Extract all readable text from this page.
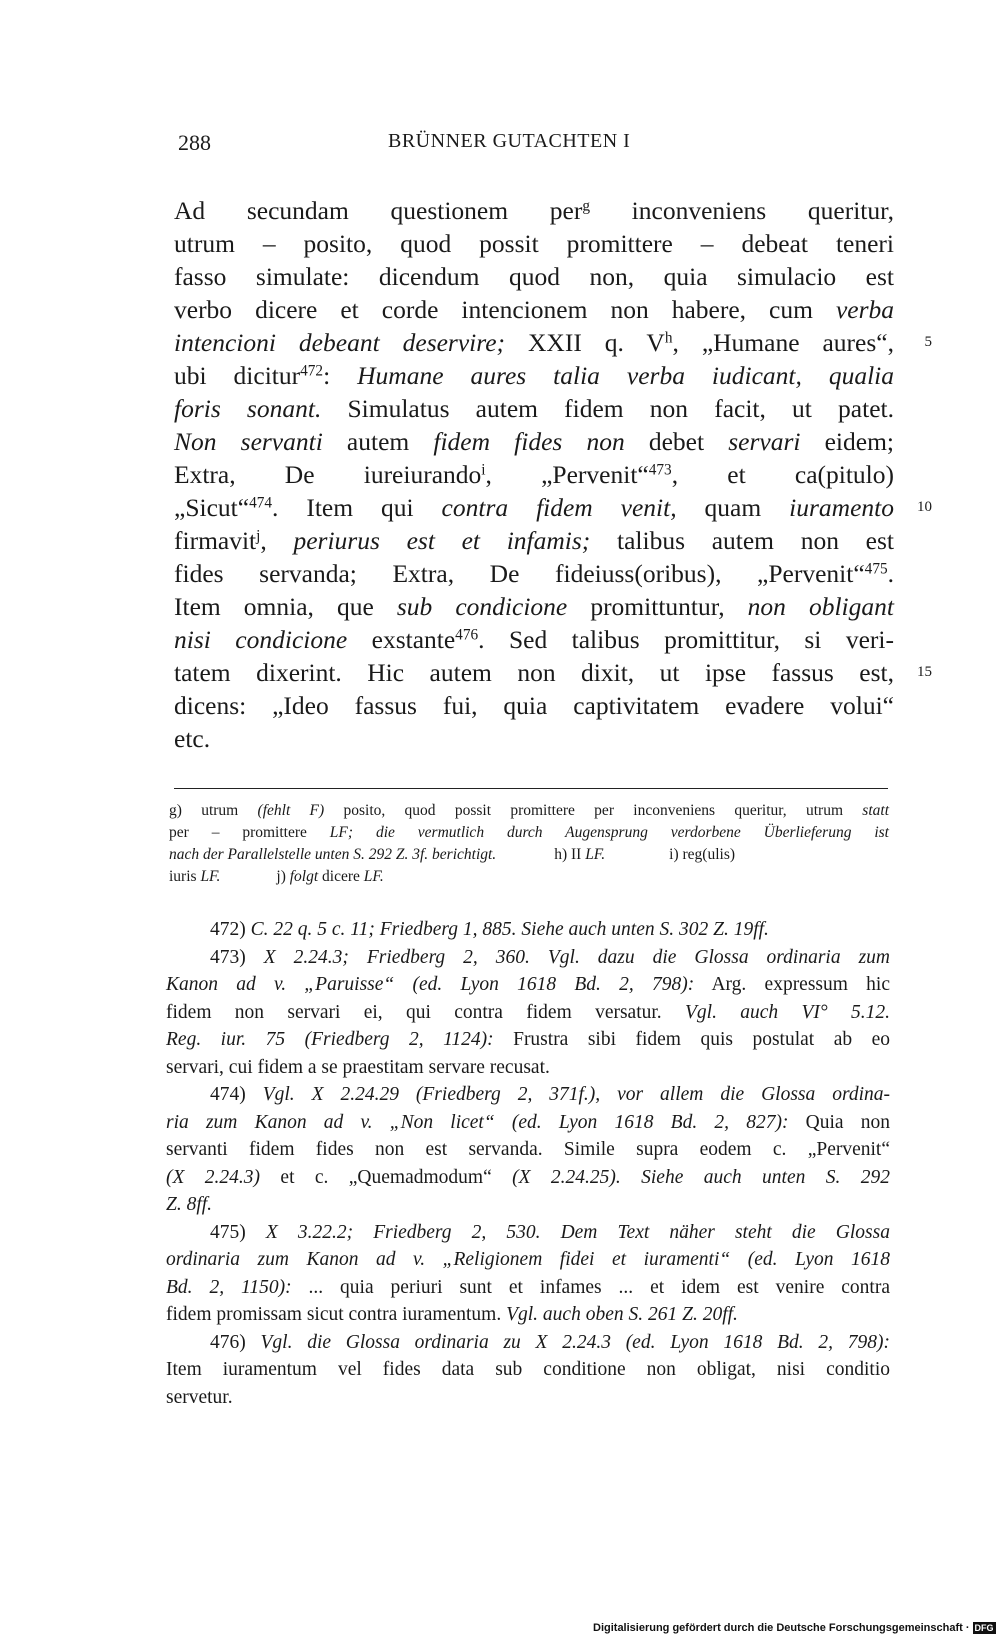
288	BRÜNNER GUTACHTEN I
Ad secundam questionem per$^g$ inconveniens queritur,
utrum – posito, quod possit promittere – debeat teneri
fasso simulate: dicendum quod non, quia simulacio est
verbo dicere et corde intencionem non habere, cum verba
intencioni debeant deservire; XXII q. $V^h$, „Humane aures“, 5
ubi dicitur$^{472}$: Humane aures talia verba iudicant, qualia
foris sonant. Simulatus autem fidem non facit, ut patet.
Non servanti autem fidem fides non debet servari eidem;
Extra, De iureiurando$^i$, „Pervenit“$^{473}$, et ca(pitulo)
„Sicut“$^{474}$. Item qui contra fidem venit, quam iuramento 10
firmavit$^j$, periurus est et infamis; talibus autem non est
fides servanda; Extra, De fideiuss(oribus), „Pervenit“$^{475}$.
Item omnia, que sub condicione promittuntur, non obligant
nisi condicione exstante$^{476}$. Sed talibus promittitur, si veri-
tatem dixerint. Hic autem non dixit, ut ipse fassus est, 15
dicens: „Ideo fassus fui, quia captivitatem evadere volui“
etc.
g) utrum (fehlt F) posito, quod possit promittere per inconveniens queritur, utrum statt
per – promittere LF; die vermutlich durch Augensprung verdorbene Überlieferung ist
nach der Parallelstelle unten S. 292 Z. 3f. berichtigt.	h) II LF.	i) reg(ulis)
iuris LF.	j) folgt dicere LF.
472) C. 22 q. 5 c. 11; Friedberg 1, 885. Siehe auch unten S. 302 Z. 19ff.
473) X 2.24.3; Friedberg 2, 360. Vgl. dazu die Glossa ordinaria zum
Kanon ad v. „Paruisse“ (ed. Lyon 1618 Bd. 2, 798): Arg. expressum hic
fidem non servari ei, qui contra fidem versatur. Vgl. auch VI° 5.12.
Reg. iur. 75 (Friedberg 2, 1124): Frustra sibi fidem quis postulat ab eo
servari, cui fidem a se praestitam servare recusat.
474) Vgl. X 2.24.29 (Friedberg 2, 371f.), vor allem die Glossa ordina-
ria zum Kanon ad v. „Non licet“ (ed. Lyon 1618 Bd. 2, 827): Quia non
servanti fidem fides non est servanda. Simile supra eodem c. „Pervenit“
(X 2.24.3) et c. „Quemadmodum“ (X 2.24.25). Siehe auch unten S. 292
Z. 8ff.
475) X 3.22.2; Friedberg 2, 530. Dem Text näher steht die Glossa
ordinaria zum Kanon ad v. „Religionem fidei et iuramenti“ (ed. Lyon 1618
Bd. 2, 1150): ... quia periuri sunt et infames ... et idem est venire contra
fidem promissam sicut contra iuramentum. Vgl. auch oben S. 261 Z. 20ff.
476) Vgl. die Glossa ordinaria zu X 2.24.3 (ed. Lyon 1618 Bd. 2, 798):
Item iuramentum vel fides data sub conditione non obligat, nisi conditio
servetur.
Digitalisierung gefördert durch die Deutsche Forschungsgemeinschaft · DFG
